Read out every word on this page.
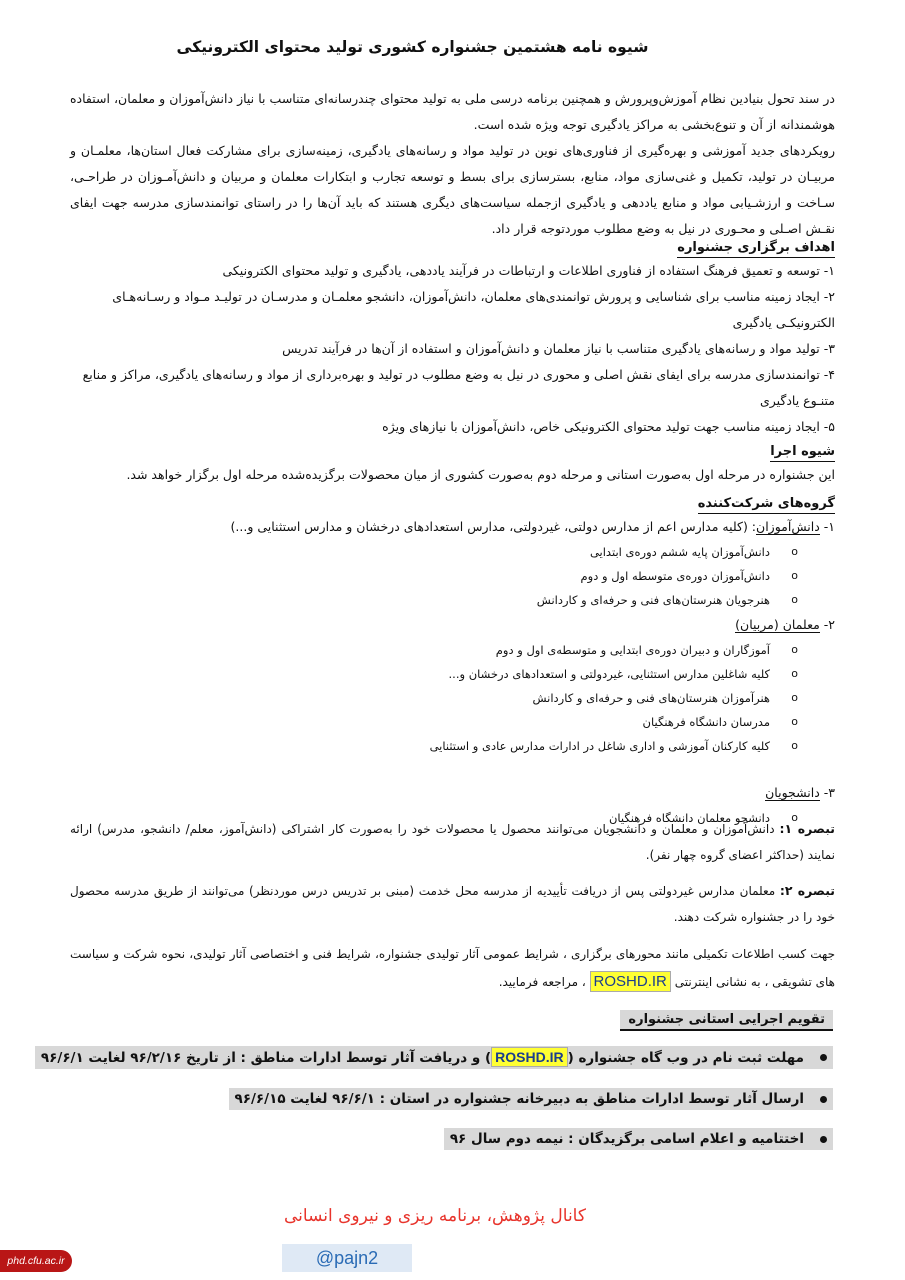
شیوه نامه هشتمین جشنواره کشوری تولید محتوای الکترونیکی

در سند تحول بنیادین نظام آموزش‌وپرورش و همچنین برنامه درسی ملی به تولید محتوای چندرسانه‌ای متناسب با نیاز دانش‌آموزان و معلمان، استفاده هوشمندانه از آن و تنوع‌بخشی به مراکز یادگیری توجه ویژه شده است.

رویکردهای جدید آموزشی و بهره‌گیری از فناوری‌های نوین در تولید مواد و رسانه‌های یادگیری، زمینه‌سازی برای مشارکت فعال استان‌ها، معلمـان و مربیـان در تولید، تکمیل و غنی‌سازی مواد، منابع، بسترسازی برای بسط و توسعه تجارب و ابتکارات معلمان و مربیان و دانش‌آمـوزان در طراحـی، سـاخت و ارزشـیابی مواد و منابع یاددهی و یادگیری ازجمله سیاست‌های دیگری هستند که باید آن‌ها را در راستای توانمندسازی مدرسه جهت ایفای نقـش اصـلی و محـوری در نیل به وضع مطلوب موردتوجه قرار داد.

اهداف برگزاری جشنواره
۱- توسعه و تعمیق فرهنگ استفاده از فناوری اطلاعات و ارتباطات در فرآیند یاددهی، یادگیری و تولید محتوای الکترونیکی
۲- ایجاد زمینه مناسب برای شناسایی و پرورش توانمندی‌های معلمان، دانش‌آموزان، دانشجو معلمـان و مدرسـان در تولیـد مـواد و رسـانه‌هـای الکترونیکـی یادگیری
۳- تولید مواد و رسانه‌های یادگیری متناسب با نیاز معلمان و دانش‌آموزان و استفاده از آن‌ها در فرآیند تدریس
۴- توانمندسازی مدرسه برای ایفای نقش اصلی و محوری در نیل به وضع مطلوب در تولید و بهره‌برداری از مواد و رسانه‌های یادگیری، مراکز و منابع متنـوع یادگیری
۵- ایجاد زمینه مناسب جهت تولید محتوای الکترونیکی خاص، دانش‌آموزان با نیازهای ویژه
شیوه اجرا

این جشنواره در مرحله اول به‌صورت استانی و مرحله دوم به‌صورت کشوری از میان محصولات برگزیده‌شده مرحله اول برگزار خواهد شد.

گروه‌های شرکت‌کننده
۱- دانش‌آموزان: (کلیه مدارس اعم از مدارس دولتی، غیردولتی، مدارس استعدادهای درخشان و مدارس استثنایی و...)
o دانش‌آموزان پایه ششم دوره‌ی ابتدایی
o دانش‌آموزان دوره‌ی متوسطه اول و دوم
o هنرجویان هنرستان‌های فنی و حرفه‌ای و کاردانش
۲- معلمان (مربیان)
o آموزگاران و دبیران دوره‌ی ابتدایی و متوسطه‌ی اول و دوم
o کلیه شاغلین مدارس استثنایی، غیردولتی و استعدادهای درخشان و...
o هنرآموزان هنرستان‌های فنی و حرفه‌ای و کاردانش
o مدرسان دانشگاه فرهنگیان
o کلیه کارکنان آموزشی و اداری شاغل در ادارات مدارس عادی و استثنایی
۳- دانشجویان
o دانشجو معلمان دانشگاه فرهنگیان

تبصره ۱: دانش‌آموزان و معلمان و دانشجویان می‌توانند محصول یا محصولات خود را به‌صورت کار اشتراکی (دانش‌آموز، معلم/ دانشجو، مدرس) ارائه نمایند (حداکثر اعضای گروه چهار نفر).

تبصره ۲: معلمان مدارس غیردولتی پس از دریافت تأییدیه از مدرسه محل خدمت (مبنی بر تدریس درس موردنظر) می‌توانند از طریق مدرسه محصول خود را در جشنواره شرکت دهند.

جهت کسب اطلاعات تکمیلی مانند محورهای برگزاری ، شرایط عمومی آثار تولیدی جشنواره، شرایط فنی و اختصاصی آثار تولیدی، نحوه شرکت و سیاست های تشویقی ، به نشانی اینترنتی ROSHD.IR ، مراجعه فرمایید.

تقویم اجرایی استانی جشنواره
مهلت ثبت نام در وب گاه جشنواره (ROSHD.IR) و دریافت آثار توسط ادارات مناطق : از تاریخ ۹۶/۲/۱۶ لغایت ۹۶/۶/۱
ارسال آثار توسط ادارات مناطق به دبیرخانه جشنواره در استان : ۹۶/۶/۱ لغایت ۹۶/۶/۱۵
اختتامیه و اعلام اسامی برگزیدگان : نیمه دوم سال ۹۶
کانال پژوهش، برنامه ریزی و نیروی انسانی
@pajn2
phd.cfu.ac.ir
